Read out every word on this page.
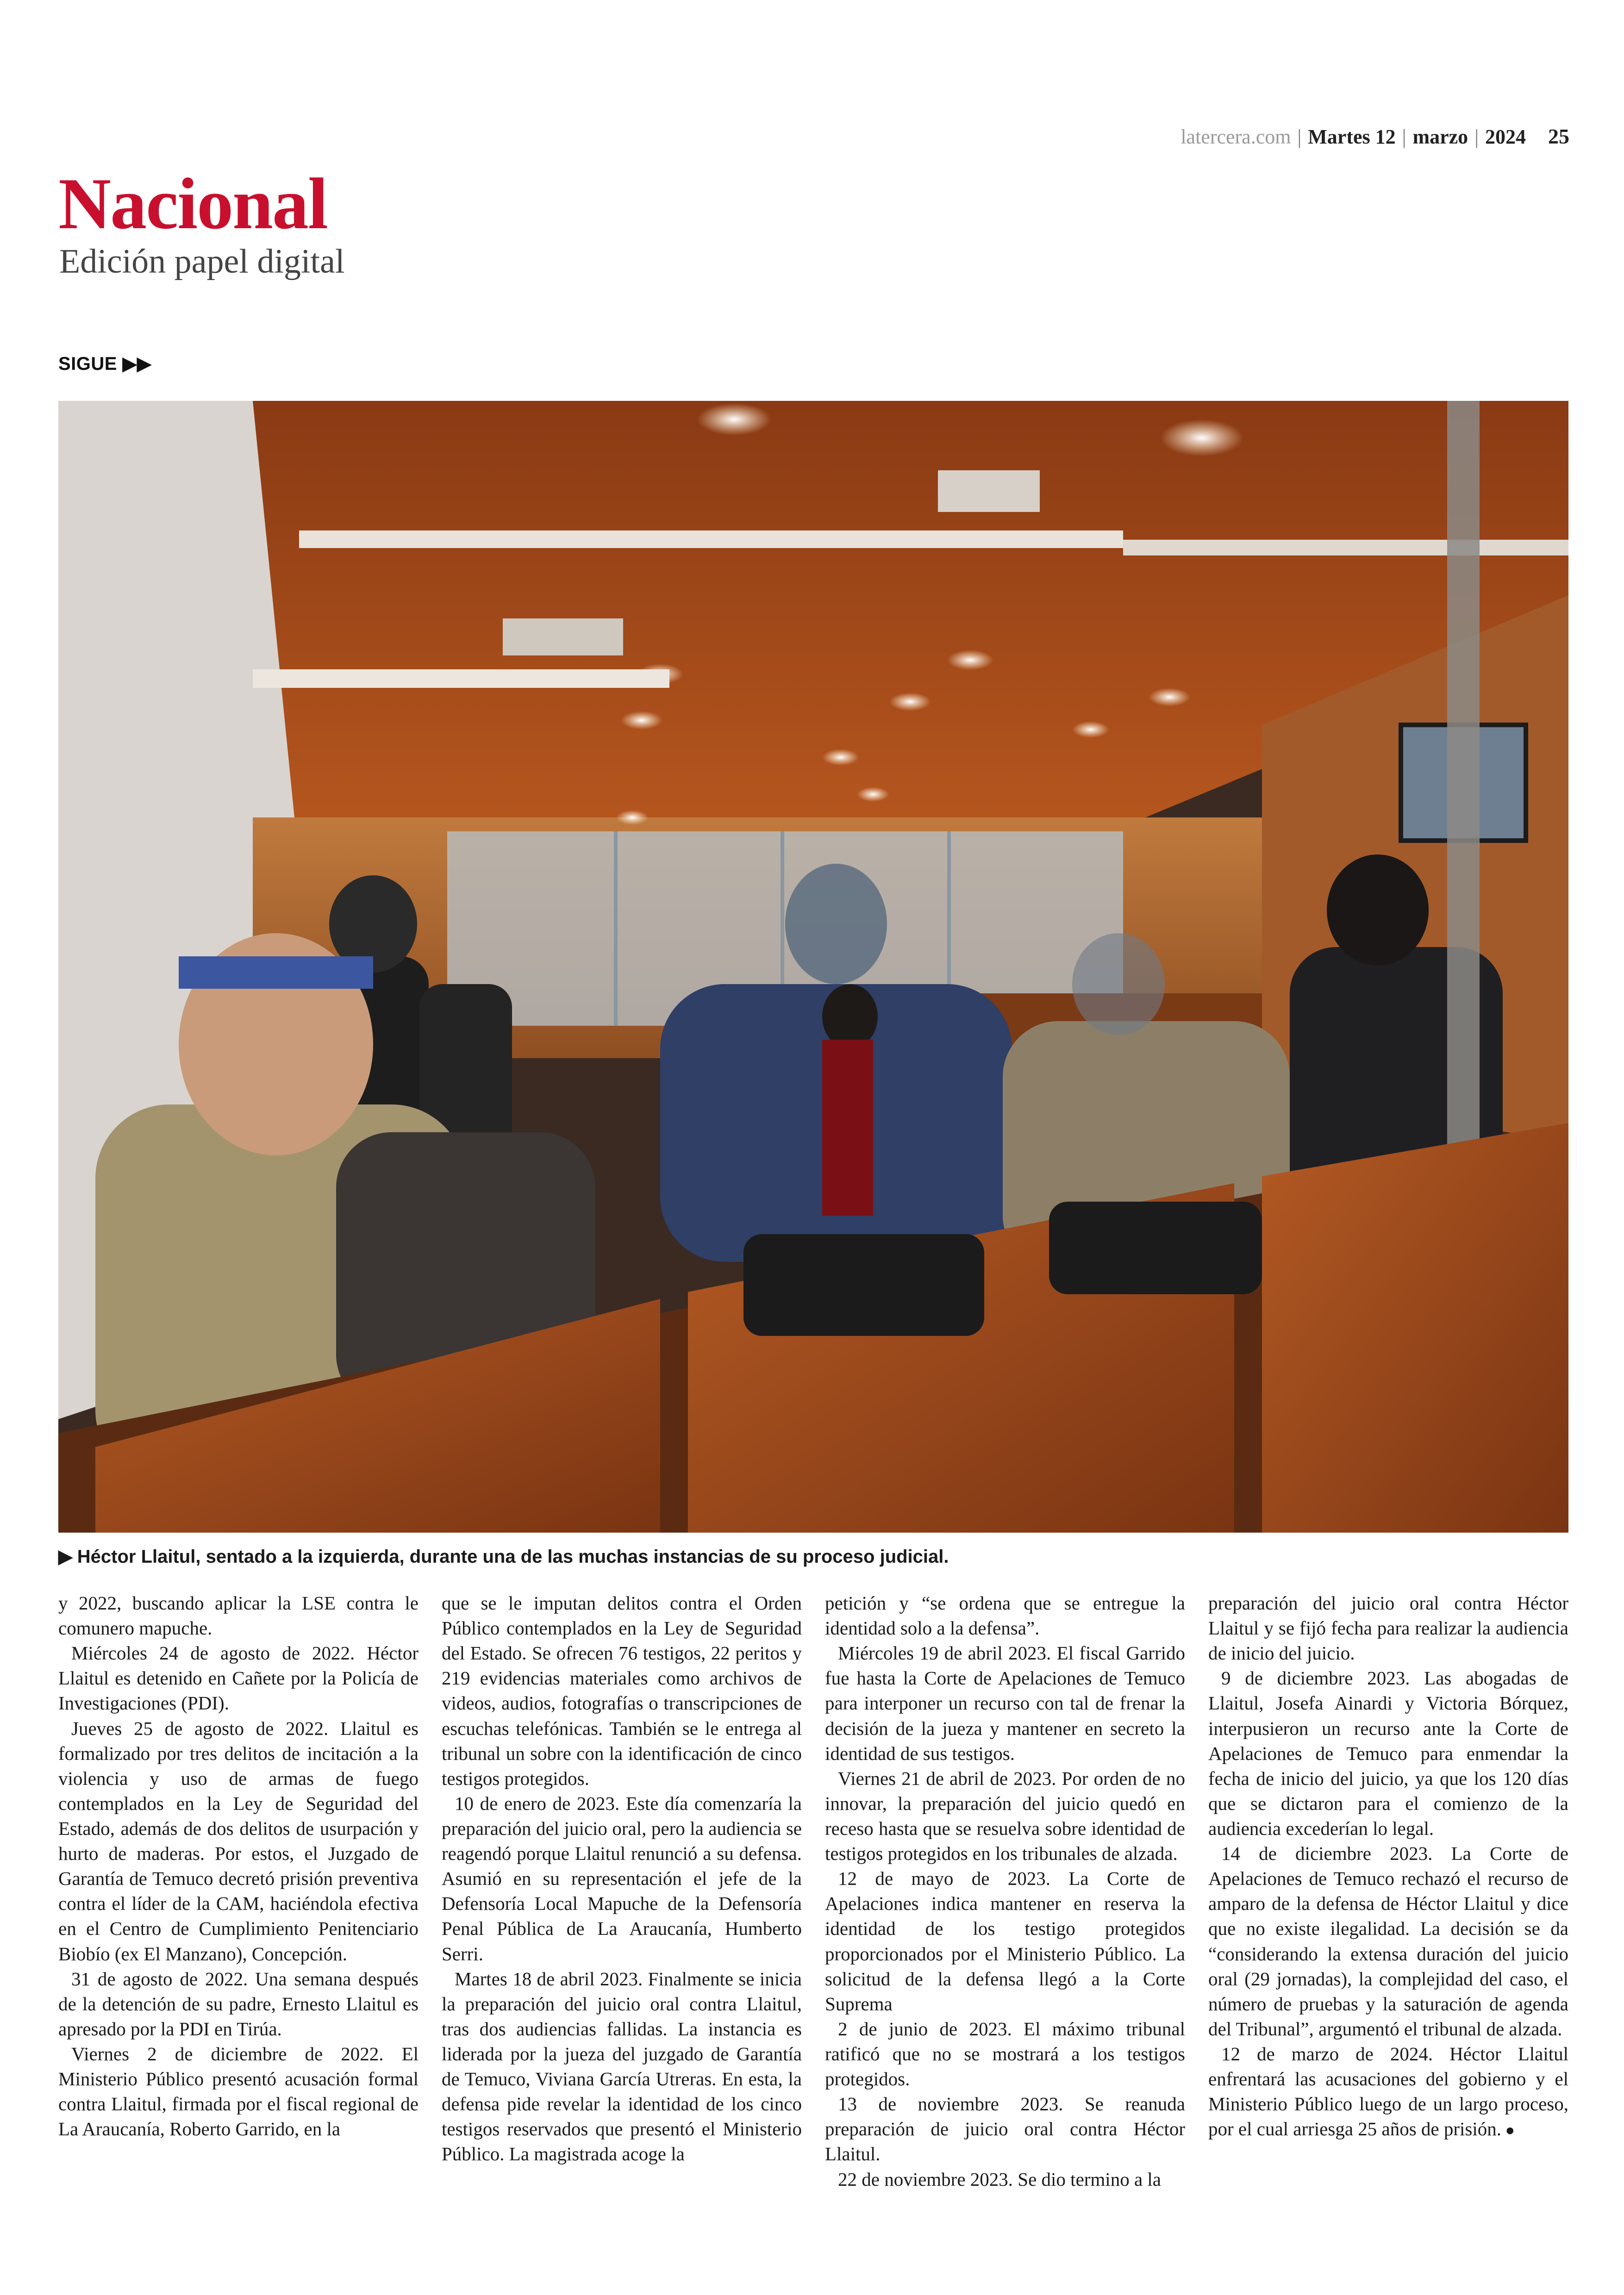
latercera.com | Martes 12 | marzo | 2024 25
Nacional
Edición papel digital
SIGUE ▶▶
▶ Héctor Llaitul, sentado a la izquierda, durante una de las muchas instancias de su proceso judicial.

y 2022, buscando aplicar la LSE contra le comunero mapuche.

Miércoles 24 de agosto de 2022. Héctor Llaitul es detenido en Cañete por la Policía de Investigaciones (PDI).

Jueves 25 de agosto de 2022. Llaitul es formalizado por tres delitos de incitación a la violencia y uso de armas de fuego contemplados en la Ley de Seguridad del Estado, además de dos delitos de usurpación y hurto de maderas. Por estos, el Juzgado de Garantía de Temuco decretó prisión preventiva contra el líder de la CAM, haciéndola efectiva en el Centro de Cumplimiento Penitenciario Biobío (ex El Manzano), Concepción.

31 de agosto de 2022. Una semana después de la detención de su padre, Ernesto Llaitul es apresado por la PDI en Tirúa.

Viernes 2 de diciembre de 2022. El Ministerio Público presentó acusación formal contra Llaitul, firmada por el fiscal regional de La Araucanía, Roberto Garrido, en la

que se le imputan delitos contra el Orden Público contemplados en la Ley de Seguridad del Estado. Se ofrecen 76 testigos, 22 peritos y 219 evidencias materiales como archivos de videos, audios, fotografías o transcripciones de escuchas telefónicas. También se le entrega al tribunal un sobre con la identificación de cinco testigos protegidos.

10 de enero de 2023. Este día comenzaría la preparación del juicio oral, pero la audiencia se reagendó porque Llaitul renunció a su defensa. Asumió en su representación el jefe de la Defensoría Local Mapuche de la Defensoría Penal Pública de La Araucanía, Humberto Serri.

Martes 18 de abril 2023. Finalmente se inicia la preparación del juicio oral contra Llaitul, tras dos audiencias fallidas. La instancia es liderada por la jueza del juzgado de Garantía de Temuco, Viviana García Utreras. En esta, la defensa pide revelar la identidad de los cinco testigos reservados que presentó el Ministerio Público. La magistrada acoge la

petición y “se ordena que se entregue la identidad solo a la defensa”.

Miércoles 19 de abril 2023. El fiscal Garrido fue hasta la Corte de Apelaciones de Temuco para interponer un recurso con tal de frenar la decisión de la jueza y mantener en secreto la identidad de sus testigos.

Viernes 21 de abril de 2023. Por orden de no innovar, la preparación del juicio quedó en receso hasta que se resuelva sobre identidad de testigos protegidos en los tribunales de alzada.

12 de mayo de 2023. La Corte de Apelaciones indica mantener en reserva la identidad de los testigo protegidos proporcionados por el Ministerio Público. La solicitud de la defensa llegó a la Corte Suprema

2 de junio de 2023. El máximo tribunal ratificó que no se mostrará a los testigos protegidos.

13 de noviembre 2023. Se reanuda preparación de juicio oral contra Héctor Llaitul.

22 de noviembre 2023. Se dio termino a la

preparación del juicio oral contra Héctor Llaitul y se fijó fecha para realizar la audiencia de inicio del juicio.

9 de diciembre 2023. Las abogadas de Llaitul, Josefa Ainardi y Victoria Bórquez, interpusieron un recurso ante la Corte de Apelaciones de Temuco para enmendar la fecha de inicio del juicio, ya que los 120 días que se dictaron para el comienzo de la audiencia excederían lo legal.

14 de diciembre 2023. La Corte de Apelaciones de Temuco rechazó el recurso de amparo de la defensa de Héctor Llaitul y dice que no existe ilegalidad. La decisión se da “considerando la extensa duración del juicio oral (29 jornadas), la complejidad del caso, el número de pruebas y la saturación de agenda del Tribunal”, argumentó el tribunal de alzada.

12 de marzo de 2024. Héctor Llaitul enfrentará las acusaciones del gobierno y el Ministerio Público luego de un largo proceso, por el cual arriesga 25 años de prisión. ●
